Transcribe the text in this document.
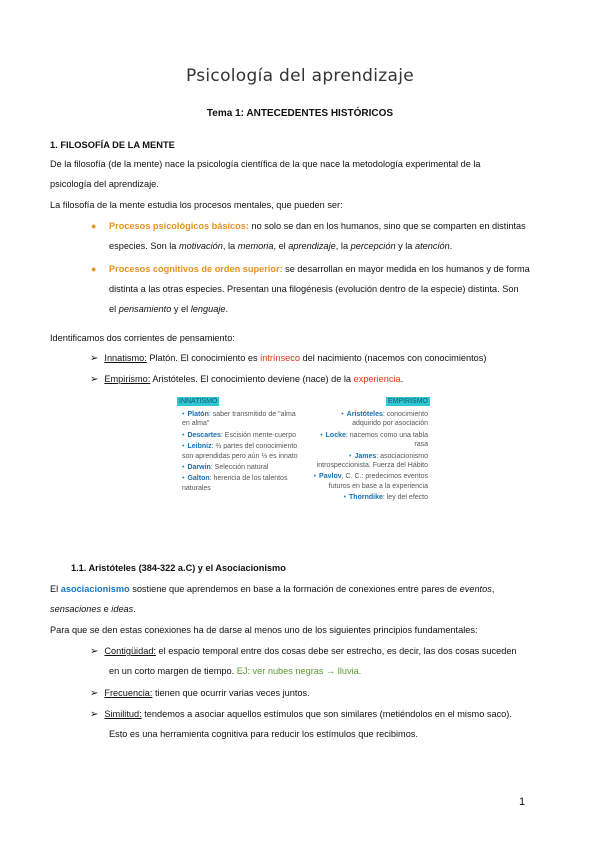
Psicología del aprendizaje
Tema 1: ANTECEDENTES HISTÓRICOS
1. FILOSOFÍA DE LA MENTE
De la filosofía (de la mente) nace la psicología científica de la que nace la metodología experimental de la
psicología del aprendizaje.
La filosofía de la mente estudia los procesos mentales, que pueden ser:
● Procesos psicológicos básicos: no solo se dan en los humanos, sino que se comparten en distintas
especies. Son la motivación, la memoria, el aprendizaje, la percepción y la atención.
● Procesos cognitivos de orden superior: se desarrollan en mayor medida en los humanos y de forma
distinta a las otras especies. Presentan una filogénesis (evolución dentro de la especie) distinta. Son
el pensamiento y el lenguaje.
Identificamos dos corrientes de pensamiento:
➢ Innatismo: Platón. El conocimiento es intrínseco del nacimiento (nacemos con conocimientos)
➢ Empirismo: Aristóteles. El conocimiento deviene (nace) de la experiencia.
INNATISMO	EMPIRISMO
• Platón: saber transmitido de "alma en alma"
• Descartes: Escisión mente-cuerpo
• Leibniz: ⅔ partes del conocimiento son aprendidas pero aún ⅓ es innato
• Darwin: Selección natural
• Galton: herencia de los talentos naturales
• Aristóteles: conocimiento adquirido por asociación
• Locke: nacemos como una tabla rasa
• James: asociacionismo introspeccionista. Fuerza del Hábito
• Pavlov, C. C.: predecimos eventos futuros en base a la experiencia
• Thorndike: ley del efecto
1.1. Aristóteles (384-322 a.C) y el Asociacionismo
El asociacionismo sostiene que aprendemos en base a la formación de conexiones entre pares de eventos,
sensaciones e ideas.
Para que se den estas conexiones ha de darse al menos uno de los siguientes principios fundamentales:
➢ Contigüidad: el espacio temporal entre dos cosas debe ser estrecho, es decir, las dos cosas suceden
en un corto margen de tiempo. EJ: ver nubes negras → lluvia.
➢ Frecuencia: tienen que ocurrir varias veces juntos.
➢ Similitud: tendemos a asociar aquellos estímulos que son similares (metiéndolos en el mismo saco).
Esto es una herramienta cognitiva para reducir los estímulos que recibimos.
1
